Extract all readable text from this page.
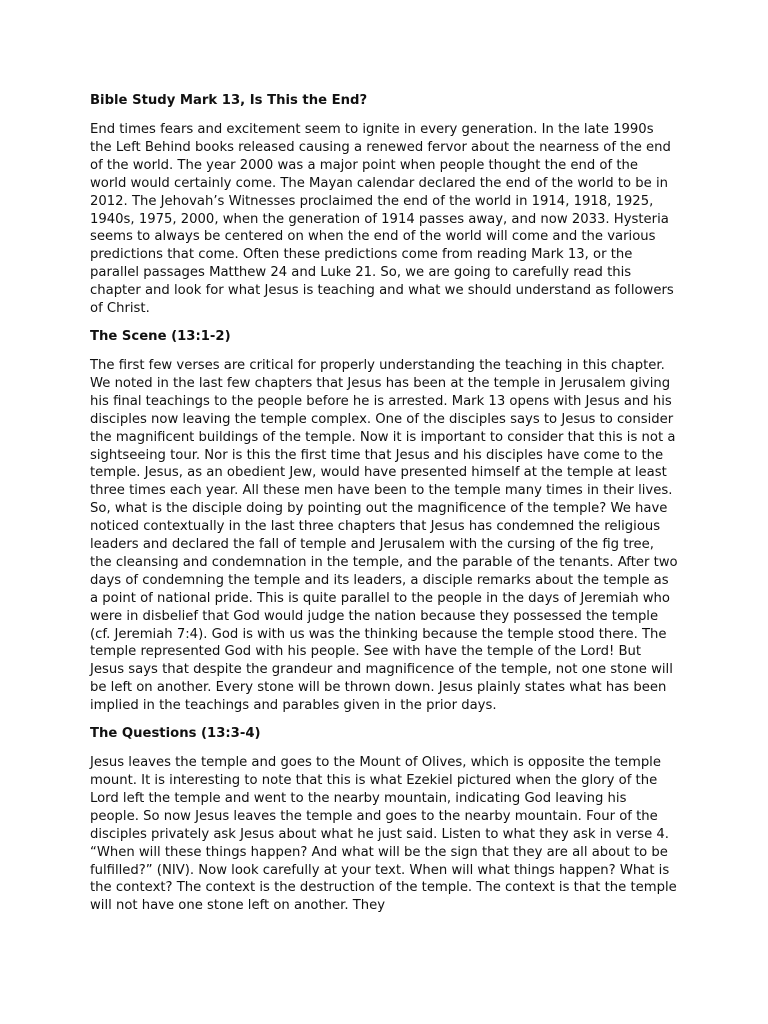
Bible Study Mark 13, Is This the End?

End times fears and excitement seem to ignite in every generation. In the late 1990s the Left Behind books released causing a renewed fervor about the nearness of the end of the world. The year 2000 was a major point when people thought the end of the world would certainly come. The Mayan calendar declared the end of the world to be in 2012. The Jehovah’s Witnesses proclaimed the end of the world in 1914, 1918, 1925, 1940s, 1975, 2000, when the generation of 1914 passes away, and now 2033. Hysteria seems to always be centered on when the end of the world will come and the various predictions that come. Often these predictions come from reading Mark 13, or the parallel passages Matthew 24 and Luke 21. So, we are going to carefully read this chapter and look for what Jesus is teaching and what we should understand as followers of Christ.

The Scene (13:1-2)

The first few verses are critical for properly understanding the teaching in this chapter. We noted in the last few chapters that Jesus has been at the temple in Jerusalem giving his final teachings to the people before he is arrested. Mark 13 opens with Jesus and his disciples now leaving the temple complex. One of the disciples says to Jesus to consider the magnificent buildings of the temple. Now it is important to consider that this is not a sightseeing tour. Nor is this the first time that Jesus and his disciples have come to the temple. Jesus, as an obedient Jew, would have presented himself at the temple at least three times each year. All these men have been to the temple many times in their lives. So, what is the disciple doing by pointing out the magnificence of the temple? We have noticed contextually in the last three chapters that Jesus has condemned the religious leaders and declared the fall of temple and Jerusalem with the cursing of the fig tree, the cleansing and condemnation in the temple, and the parable of the tenants. After two days of condemning the temple and its leaders, a disciple remarks about the temple as a point of national pride. This is quite parallel to the people in the days of Jeremiah who were in disbelief that God would judge the nation because they possessed the temple (cf. Jeremiah 7:4). God is with us was the thinking because the temple stood there. The temple represented God with his people. See with have the temple of the Lord! But Jesus says that despite the grandeur and magnificence of the temple, not one stone will be left on another. Every stone will be thrown down. Jesus plainly states what has been implied in the teachings and parables given in the prior days.

The Questions (13:3-4)

Jesus leaves the temple and goes to the Mount of Olives, which is opposite the temple mount. It is interesting to note that this is what Ezekiel pictured when the glory of the Lord left the temple and went to the nearby mountain, indicating God leaving his people. So now Jesus leaves the temple and goes to the nearby mountain. Four of the disciples privately ask Jesus about what he just said. Listen to what they ask in verse 4. “When will these things happen? And what will be the sign that they are all about to be fulfilled?” (NIV). Now look carefully at your text. When will what things happen? What is the context? The context is the destruction of the temple. The context is that the temple will not have one stone left on another. They
